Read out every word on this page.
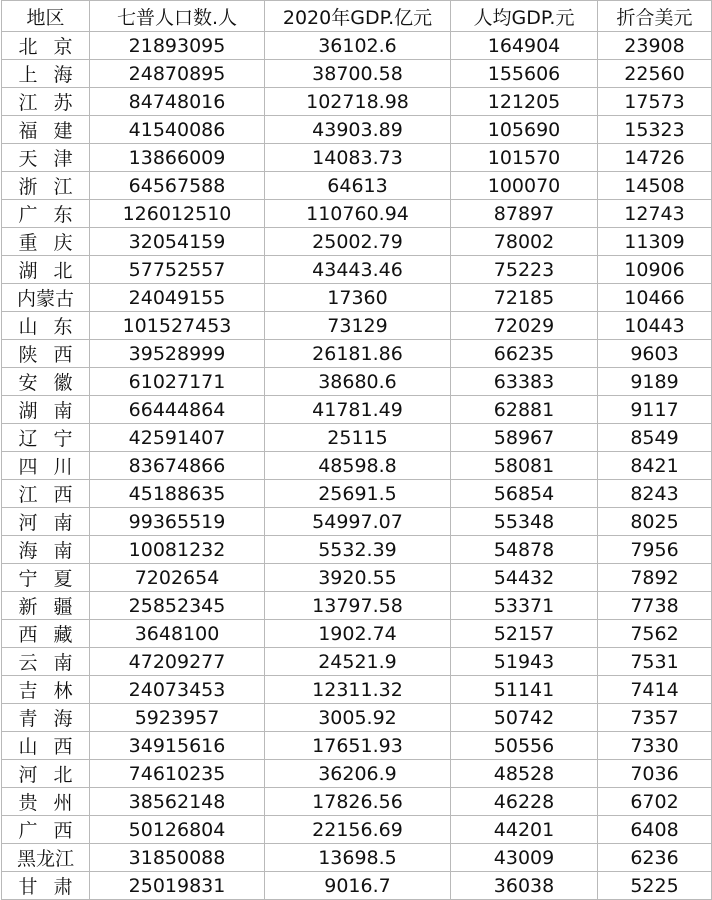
地区	七普人口数.人	2020年GDP.亿元	人均GDP.元	折合美元
北京	21893095	36102.6	164904	23908
上海	24870895	38700.58	155606	22560
江苏	84748016	102718.98	121205	17573
福建	41540086	43903.89	105690	15323
天津	13866009	14083.73	101570	14726
浙江	64567588	64613	100070	14508
广东	126012510	110760.94	87897	12743
重庆	32054159	25002.79	78002	11309
湖北	57752557	43443.46	75223	10906
内蒙古	24049155	17360	72185	10466
山东	101527453	73129	72029	10443
陕西	39528999	26181.86	66235	9603
安徽	61027171	38680.6	63383	9189
湖南	66444864	41781.49	62881	9117
辽宁	42591407	25115	58967	8549
四川	83674866	48598.8	58081	8421
江西	45188635	25691.5	56854	8243
河南	99365519	54997.07	55348	8025
海南	10081232	5532.39	54878	7956
宁夏	7202654	3920.55	54432	7892
新疆	25852345	13797.58	53371	7738
西藏	3648100	1902.74	52157	7562
云南	47209277	24521.9	51943	7531
吉林	24073453	12311.32	51141	7414
青海	5923957	3005.92	50742	7357
山西	34915616	17651.93	50556	7330
河北	74610235	36206.9	48528	7036
贵州	38562148	17826.56	46228	6702
广西	50126804	22156.69	44201	6408
黑龙江	31850088	13698.5	43009	6236
甘肃	25019831	9016.7	36038	5225
